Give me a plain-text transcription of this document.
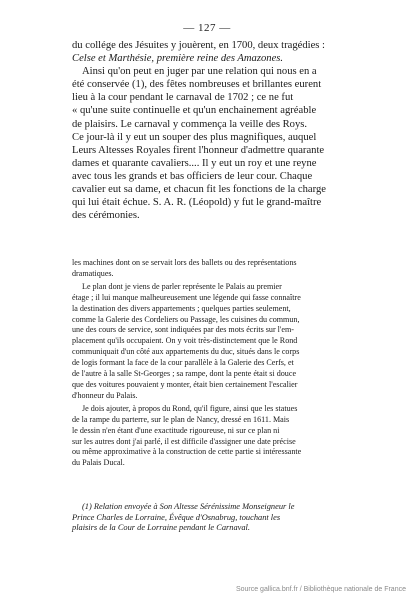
— 127 —
du collége des Jésuites y jouèrent, en 1700, deux tragédies :
Celse et Marthésie, première reine des Amazones.
Ainsi qu'on peut en juger par une relation qui nous en a
été conservée (1), des fêtes nombreuses et brillantes eurent
lieu à la cour pendant le carnaval de 1702 ; ce ne fut
« qu'une suite continuelle et qu'un enchainement agréable
de plaisirs. Le carnaval y commença la veille des Roys.
Ce jour-là il y eut un souper des plus magnifiques, auquel
Leurs Altesses Royales firent l'honneur d'admettre quarante
dames et quarante cavaliers.... Il y eut un roy et une reyne
avec tous les grands et bas officiers de leur cour. Chaque
cavalier eut sa dame, et chacun fit les fonctions de la charge
qui lui était échue. S. A. R. (Léopold) y fut le grand-maître
des cérémonies.
les machines dont on se servait lors des ballets ou des représentations
dramatiques.
Le plan dont je viens de parler représente le Palais au premier
étage ; il lui manque malheureusement une légende qui fasse connaître
la destination des divers appartements ; quelques parties seulement,
comme la Galerie des Cordeliers ou Passage, les cuisines du commun,
une des cours de service, sont indiquées par des mots écrits sur l'em-
placement qu'ils occupaient. On y voit très-distinctement que le Rond
communiquait d'un côté aux appartements du duc, situés dans le corps
de logis formant la face de la cour parallèle à la Galerie des Cerfs, et
de l'autre à la salle St-Georges ; sa rampe, dont la pente était si douce
que des voitures pouvaient y monter, était bien certainement l'escalier
d'honneur du Palais.
Je dois ajouter, à propos du Rond, qu'il figure, ainsi que les statues
de la rampe du parterre, sur le plan de Nancy, dressé en 1611. Mais
le dessin n'en étant d'une exactitude rigoureuse, ni sur ce plan ni
sur les autres dont j'ai parlé, il est difficile d'assigner une date précise
ou même approximative à la construction de cette partie si intéressante
du Palais Ducal.
(1) Relation envoyée à Son Altesse Sérénissime Monseigneur le
Prince Charles de Lorraine, Évêque d'Osnabrug, touchant les
plaisirs de la Cour de Lorraine pendant le Carnaval.
Source gallica.bnf.fr / Bibliothèque nationale de France
